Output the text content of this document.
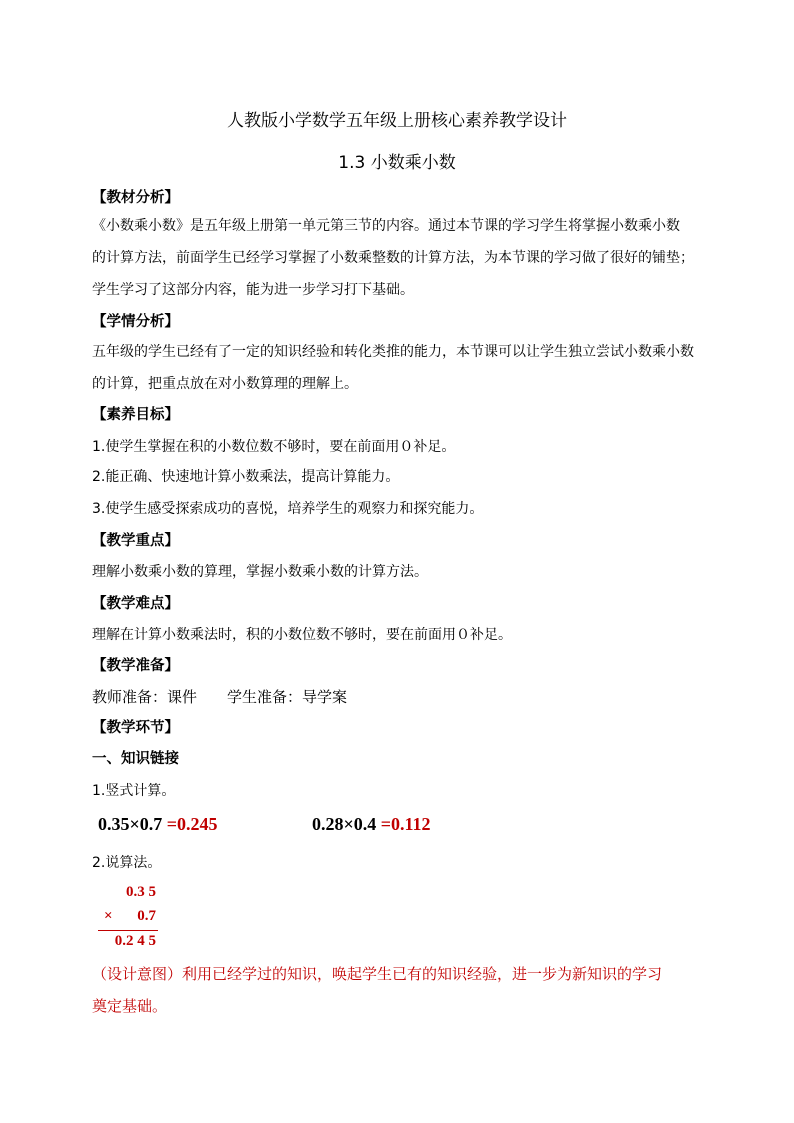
人教版小学数学五年级上册核心素养教学设计
1.3 小数乘小数
【教材分析】
《小数乘小数》是五年级上册第一单元第三节的内容。通过本节课的学习学生将掌握小数乘小数
的计算方法，前面学生已经学习掌握了小数乘整数的计算方法，为本节课的学习做了很好的铺垫；
学生学习了这部分内容，能为进一步学习打下基础。
【学情分析】
五年级的学生已经有了一定的知识经验和转化类推的能力，本节课可以让学生独立尝试小数乘小数
的计算，把重点放在对小数算理的理解上。
【素养目标】
1.使学生掌握在积的小数位数不够时，要在前面用０补足。
2.能正确、快速地计算小数乘法，提高计算能力。
3.使学生感受探索成功的喜悦，培养学生的观察力和探究能力。
【教学重点】
理解小数乘小数的算理，掌握小数乘小数的计算方法。
【教学难点】
理解在计算小数乘法时，积的小数位数不够时，要在前面用０补足。
【教学准备】
教师准备：课件　　学生准备：导学案
【教学环节】
一、知识链接
1.竖式计算。
0.35×0.7 =0.245	0.28×0.4 =0.112
2.说算法。
0.3 5
×	0.7
0.2 4 5
（设计意图）利用已经学过的知识，唤起学生已有的知识经验，进一步为新知识的学习
奠定基础。
